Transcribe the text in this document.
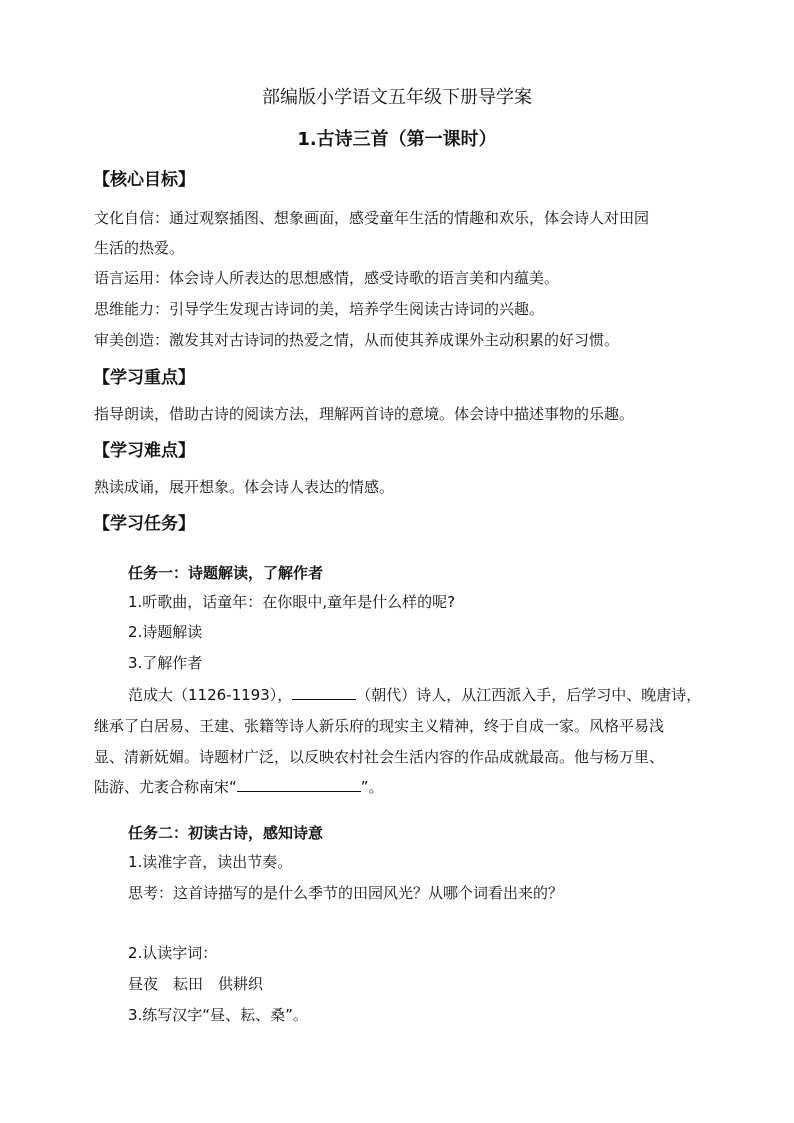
部编版小学语文五年级下册导学案
1.古诗三首（第一课时）
【核心目标】
文化自信：通过观察插图、想象画面，感受童年生活的情趣和欢乐，体会诗人对田园
生活的热爱。
语言运用：体会诗人所表达的思想感情，感受诗歌的语言美和内蕴美。
思维能力：引导学生发现古诗词的美，培养学生阅读古诗词的兴趣。
审美创造：激发其对古诗词的热爱之情，从而使其养成课外主动积累的好习惯。
【学习重点】
指导朗读，借助古诗的阅读方法，理解两首诗的意境。体会诗中描述事物的乐趣。
【学习难点】
熟读成诵，展开想象。体会诗人表达的情感。
【学习任务】
任务一：诗题解读，了解作者
1.听歌曲，话童年：在你眼中,童年是什么样的呢?
2.诗题解读
3.了解作者
范成大（1126-1193），	（朝代）诗人，从江西派入手，后学习中、晚唐诗，
继承了白居易、王建、张籍等诗人新乐府的现实主义精神，终于自成一家。风格平易浅
显、清新妩媚。诗题材广泛，以反映农村社会生活内容的作品成就最高。他与杨万里、
陆游、尤袤合称南宋“	”。
任务二：初读古诗，感知诗意
1.读准字音，读出节奏。
思考：这首诗描写的是什么季节的田园风光？从哪个词看出来的？
2.认读字词：
昼夜　耘田　供耕织
3.练写汉字“昼、耘、桑”。
